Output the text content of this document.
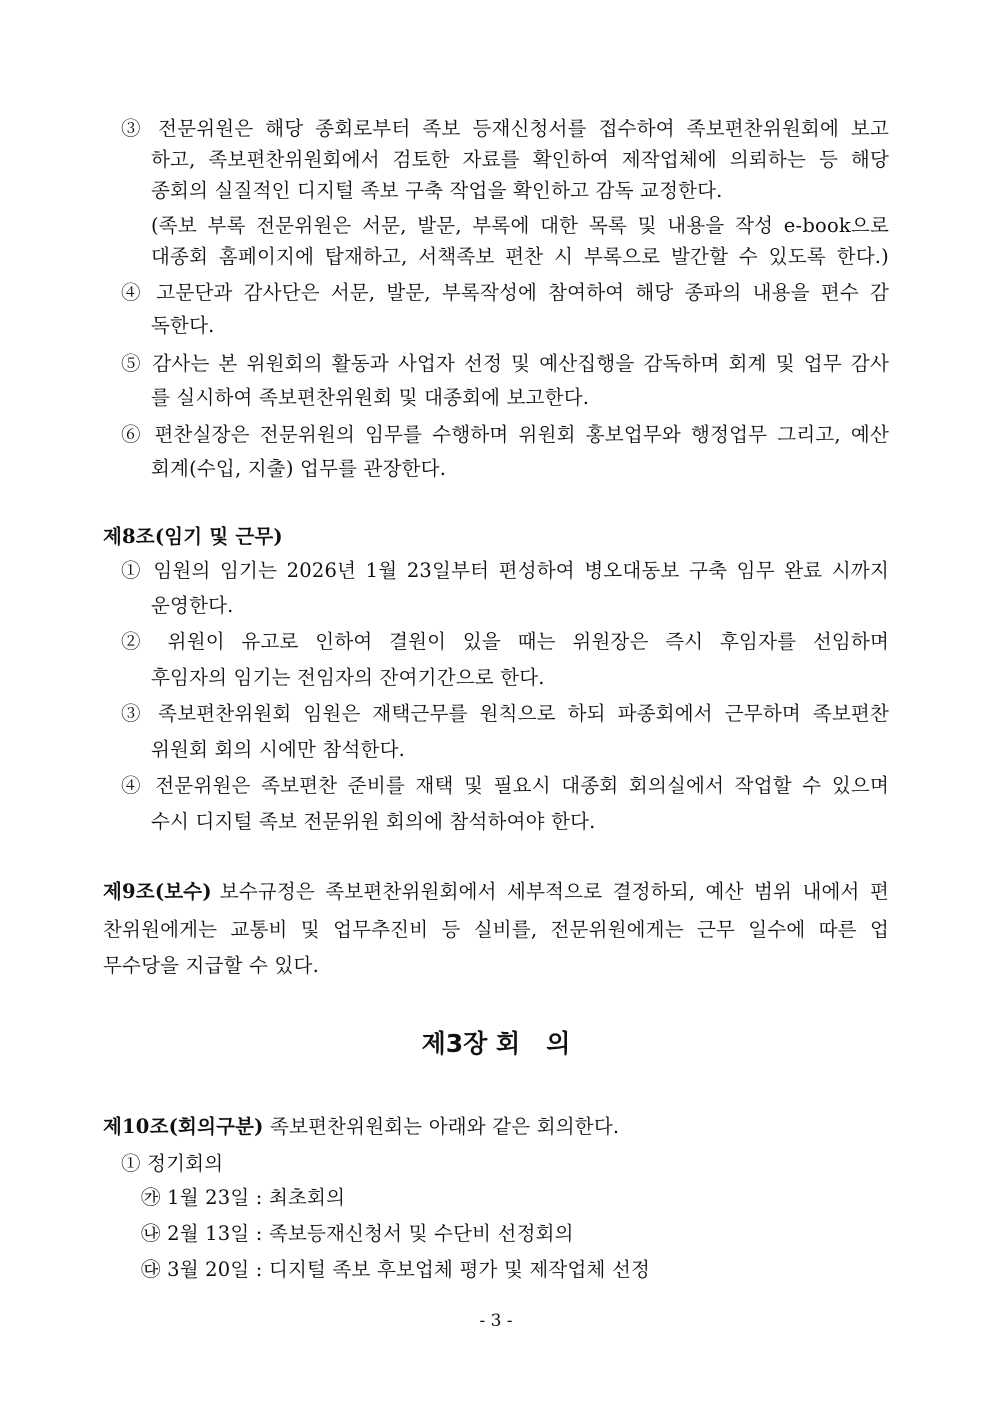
③ 전문위원은 해당 종회로부터 족보 등재신청서를 접수하여 족보편찬위원회에 보고
하고, 족보편찬위원회에서 검토한 자료를 확인하여 제작업체에 의뢰하는 등 해당
종회의 실질적인 디지털 족보 구축 작업을 확인하고 감독 교정한다.
(족보 부록 전문위원은 서문, 발문, 부록에 대한 목록 및 내용을 작성 e-book으로
대종회 홈페이지에 탑재하고, 서책족보 편찬 시 부록으로 발간할 수 있도록 한다.)
④ 고문단과 감사단은 서문, 발문, 부록작성에 참여하여 해당 종파의 내용을 편수 감
독한다.
⑤ 감사는 본 위원회의 활동과 사업자 선정 및 예산집행을 감독하며 회계 및 업무 감사
를 실시하여 족보편찬위원회 및 대종회에 보고한다.
⑥ 편찬실장은 전문위원의 임무를 수행하며 위원회 홍보업무와 행정업무 그리고, 예산
회계(수입, 지출) 업무를 관장한다.
제8조(임기 및 근무)
① 임원의 임기는 2026년 1월 23일부터 편성하여 병오대동보 구축 임무 완료 시까지
운영한다.
② 위원이 유고로 인하여 결원이 있을 때는 위원장은 즉시 후임자를 선임하며
후임자의 임기는 전임자의 잔여기간으로 한다.
③ 족보편찬위원회 임원은 재택근무를 원칙으로 하되 파종회에서 근무하며 족보편찬
위원회 회의 시에만 참석한다.
④ 전문위원은 족보편찬 준비를 재택 및 필요시 대종회 회의실에서 작업할 수 있으며
수시 디지털 족보 전문위원 회의에 참석하여야 한다.
제9조(보수) 보수규정은 족보편찬위원회에서 세부적으로 결정하되, 예산 범위 내에서 편
찬위원에게는 교통비 및 업무추진비 등 실비를, 전문위원에게는 근무 일수에 따른 업
무수당을 지급할 수 있다.
제3장 회   의
제10조(회의구분) 족보편찬위원회는 아래와 같은 회의한다.
① 정기회의
㉮ 1월 23일 : 최초회의
㉯ 2월 13일 : 족보등재신청서 및 수단비 선정회의
㉰ 3월 20일 : 디지털 족보 후보업체 평가 및 제작업체 선정
- 3 -
